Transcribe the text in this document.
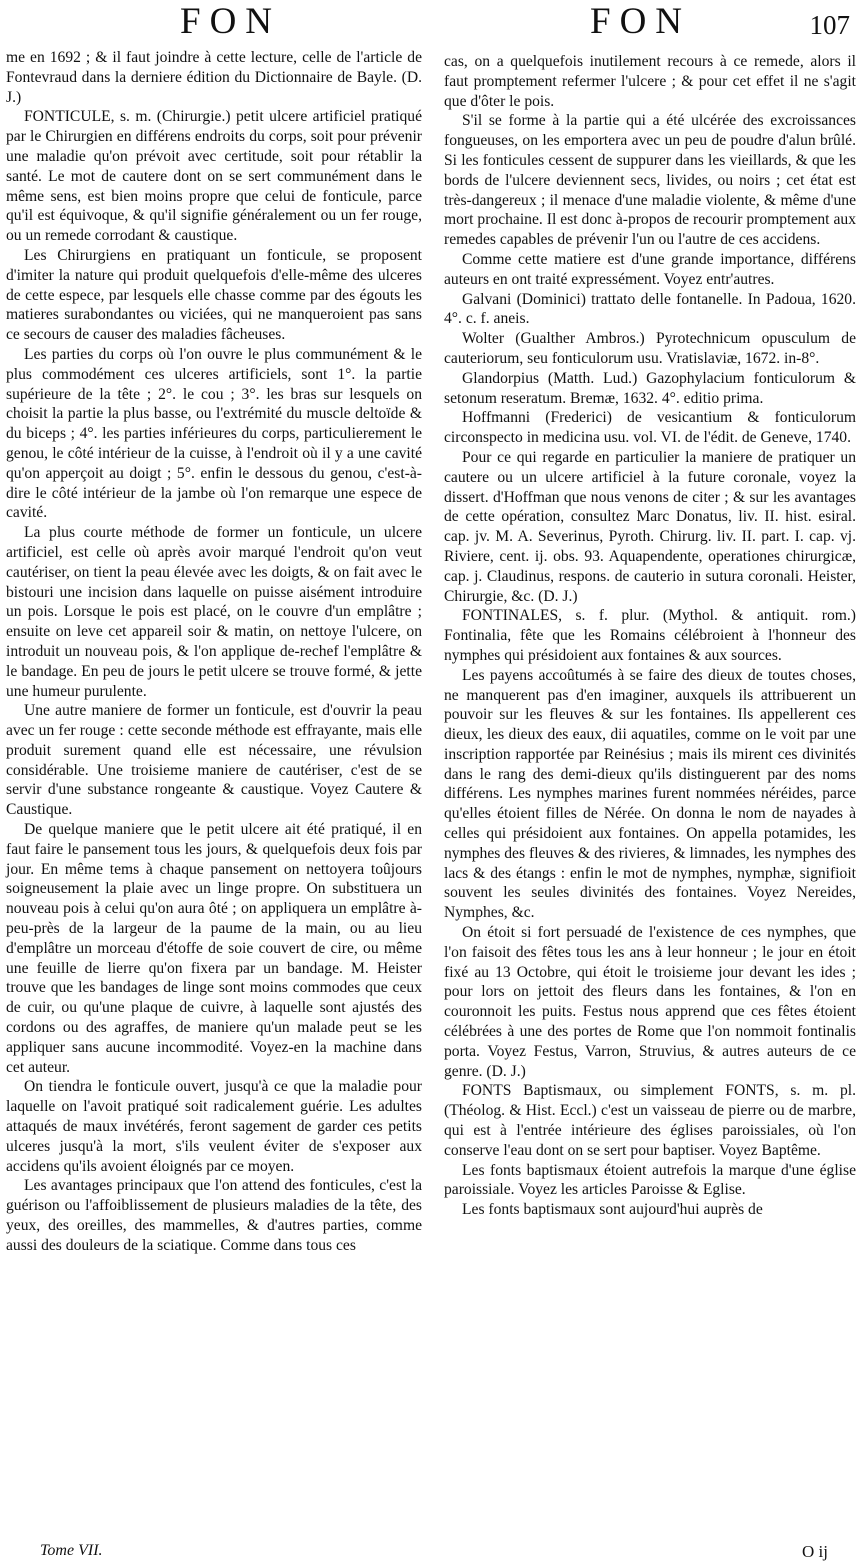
FON	FON	107

me en 1692 ; & il faut joindre à cette lecture, celle de l'article de Fontevraud dans la derniere édition du Dictionnaire de Bayle. (D. J.)

FONTICULE, s. m. (Chirurgie.) petit ulcere artificiel pratiqué par le Chirurgien en différens endroits du corps, soit pour prévenir une maladie qu'on prévoit avec certitude, soit pour rétablir la santé. Le mot de cautere dont on se sert communément dans le même sens, est bien moins propre que celui de fonticule, parce qu'il est équivoque, & qu'il signifie généralement ou un fer rouge, ou un remede corrodant & caustique.

Les Chirurgiens en pratiquant un fonticule, se proposent d'imiter la nature qui produit quelquefois d'elle-même des ulceres de cette espece, par lesquels elle chasse comme par des égouts les matieres surabondantes ou viciées, qui ne manqueroient pas sans ce secours de causer des maladies fâcheuses.

Les parties du corps où l'on ouvre le plus communément & le plus commodément ces ulceres artificiels, sont 1°. la partie supérieure de la tête ; 2°. le cou ; 3°. les bras sur lesquels on choisit la partie la plus basse, ou l'extrémité du muscle deltoïde & du biceps ; 4°. les parties inférieures du corps, particulierement le genou, le côté intérieur de la cuisse, à l'endroit où il y a une cavité qu'on apperçoit au doigt ; 5°. enfin le dessous du genou, c'est-à-dire le côté intérieur de la jambe où l'on remarque une espece de cavité.

La plus courte méthode de former un fonticule, un ulcere artificiel, est celle où après avoir marqué l'endroit qu'on veut cautériser, on tient la peau élevée avec les doigts, & on fait avec le bistouri une incision dans laquelle on puisse aisément introduire un pois. Lorsque le pois est placé, on le couvre d'un emplâtre ; ensuite on leve cet appareil soir & matin, on nettoye l'ulcere, on introduit un nouveau pois, & l'on applique de-rechef l'emplâtre & le bandage. En peu de jours le petit ulcere se trouve formé, & jette une humeur purulente.

Une autre maniere de former un fonticule, est d'ouvrir la peau avec un fer rouge : cette seconde méthode est effrayante, mais elle produit surement quand elle est nécessaire, une révulsion considérable. Une troisieme maniere de cautériser, c'est de se servir d'une substance rongeante & caustique. Voyez Cautere & Caustique.

De quelque maniere que le petit ulcere ait été pratiqué, il en faut faire le pansement tous les jours, & quelquefois deux fois par jour. En même tems à chaque pansement on nettoyera toûjours soigneusement la plaie avec un linge propre. On substituera un nouveau pois à celui qu'on aura ôté ; on appliquera un emplâtre à-peu-près de la largeur de la paume de la main, ou au lieu d'emplâtre un morceau d'étoffe de soie couvert de cire, ou même une feuille de lierre qu'on fixera par un bandage. M. Heister trouve que les bandages de linge sont moins commodes que ceux de cuir, ou qu'une plaque de cuivre, à laquelle sont ajustés des cordons ou des agraffes, de maniere qu'un malade peut se les appliquer sans aucune incommodité. Voyez-en la machine dans cet auteur.

On tiendra le fonticule ouvert, jusqu'à ce que la maladie pour laquelle on l'avoit pratiqué soit radicalement guérie. Les adultes attaqués de maux invétérés, feront sagement de garder ces petits ulceres jusqu'à la mort, s'ils veulent éviter de s'exposer aux accidens qu'ils avoient éloignés par ce moyen.

Les avantages principaux que l'on attend des fonticules, c'est la guérison ou l'affoiblissement de plusieurs maladies de la tête, des yeux, des oreilles, des mammelles, & d'autres parties, comme aussi des douleurs de la sciatique. Comme dans tous ces

cas, on a quelquefois inutilement recours à ce remede, alors il faut promptement refermer l'ulcere ; & pour cet effet il ne s'agit que d'ôter le pois.

S'il se forme à la partie qui a été ulcérée des excroissances fongueuses, on les emportera avec un peu de poudre d'alun brûlé. Si les fonticules cessent de suppurer dans les vieillards, & que les bords de l'ulcere deviennent secs, livides, ou noirs ; cet état est très-dangereux ; il menace d'une maladie violente, & même d'une mort prochaine. Il est donc à-propos de recourir promptement aux remedes capables de prévenir l'un ou l'autre de ces accidens.

Comme cette matiere est d'une grande importance, différens auteurs en ont traité expressément. Voyez entr'autres.

Galvani (Dominici) trattato delle fontanelle. In Padoua, 1620. 4°. c. f. aneis.

Wolter (Gualther Ambros.) Pyrotechnicum opusculum de cauteriorum, seu fonticulorum usu. Vratislaviæ, 1672. in-8°.

Glandorpius (Matth. Lud.) Gazophylacium fonticulorum & setonum reseratum. Bremæ, 1632. 4°. editio prima.

Hoffmanni (Frederici) de vesicantium & fonticulorum circonspecto in medicina usu. vol. VI. de l'édit. de Geneve, 1740.

Pour ce qui regarde en particulier la maniere de pratiquer un cautere ou un ulcere artificiel à la future coronale, voyez la dissert. d'Hoffman que nous venons de citer ; & sur les avantages de cette opération, consultez Marc Donatus, liv. II. hist. esiral. cap. jv. M. A. Severinus, Pyroth. Chirurg. liv. II. part. I. cap. vj. Riviere, cent. ij. obs. 93. Aquapendente, operationes chirurgicæ, cap. j. Claudinus, respons. de cauterio in sutura coronali. Heister, Chirurgie, &c. (D. J.)

FONTINALES, s. f. plur. (Mythol. & antiquit. rom.) Fontinalia, fête que les Romains célébroient à l'honneur des nymphes qui présidoient aux fontaines & aux sources.

Les payens accoûtumés à se faire des dieux de toutes choses, ne manquerent pas d'en imaginer, auxquels ils attribuerent un pouvoir sur les fleuves & sur les fontaines. Ils appellerent ces dieux, les dieux des eaux, dii aquatiles, comme on le voit par une inscription rapportée par Reinésius ; mais ils mirent ces divinités dans le rang des demi-dieux qu'ils distinguerent par des noms différens. Les nymphes marines furent nommées néréides, parce qu'elles étoient filles de Nérée. On donna le nom de nayades à celles qui présidoient aux fontaines. On appella potamides, les nymphes des fleuves & des rivieres, & limnades, les nymphes des lacs & des étangs : enfin le mot de nymphes, nymphæ, signifioit souvent les seules divinités des fontaines. Voyez Nereides, Nymphes, &c.

On étoit si fort persuadé de l'existence de ces nymphes, que l'on faisoit des fêtes tous les ans à leur honneur ; le jour en étoit fixé au 13 Octobre, qui étoit le troisieme jour devant les ides ; pour lors on jettoit des fleurs dans les fontaines, & l'on en couronnoit les puits. Festus nous apprend que ces fêtes étoient célébrées à une des portes de Rome que l'on nommoit fontinalis porta. Voyez Festus, Varron, Struvius, & autres auteurs de ce genre. (D. J.)

FONTS Baptismaux, ou simplement FONTS, s. m. pl. (Théolog. & Hist. Eccl.) c'est un vaisseau de pierre ou de marbre, qui est à l'entrée intérieure des églises paroissiales, où l'on conserve l'eau dont on se sert pour baptiser. Voyez Baptême.

Les fonts baptismaux étoient autrefois la marque d'une église paroissiale. Voyez les articles Paroisse & Eglise.

Les fonts baptismaux sont aujourd'hui auprès de

Tome VII.	O ij
